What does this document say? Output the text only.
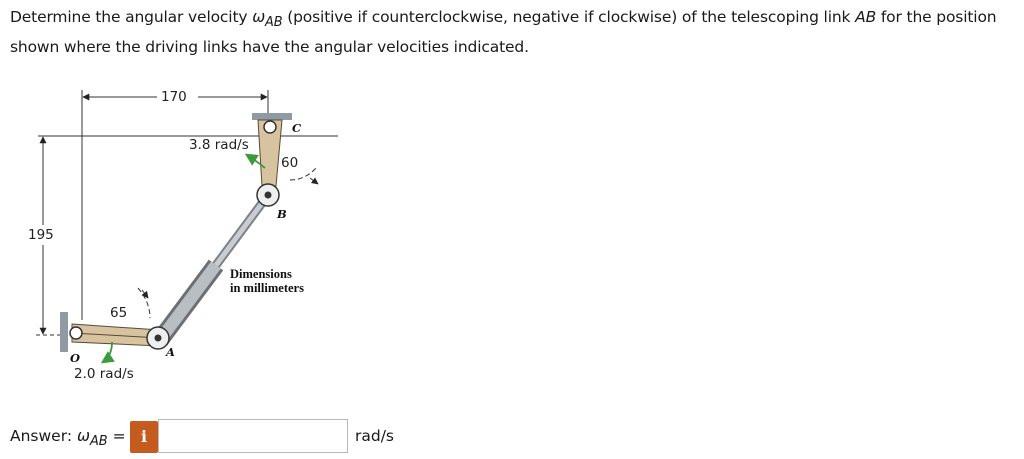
Determine the angular velocity $\omega_{AB}$ (positive if counterclockwise, negative if clockwise) of the telescoping link AB for the position shown where the driving links have the angular velocities indicated.
170
195
65
60
3.8 rad/s
2.0 rad/s
C
B
A
O
Dimensions
in millimeters
Answer: $\omega_{AB} = i$	rad/s
